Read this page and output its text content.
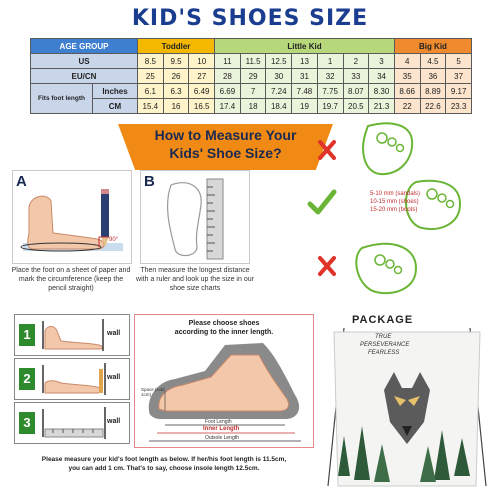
KID'S SHOES SIZE
AGE GROUP		Toddler			Little Kid							Big Kid		
US		8.5	9.5	10	11	11.5	12.5	13	1	2	3	4	4.5	5
EU/CN		25	26	27	28	29	30	31	32	33	34	35	36	37
Fits foot length	Inches	6.1	6.3	6.49	6.69	7	7.24	7.48	7.75	8.07	8.30	8.66	8.89	9.17
	CM	15.4	16	16.5	17.4	18	18.4	19	19.7	20.5	21.3	22	22.6	23.3
How to Measure Your
Kids' Shoe Size?
A
90°
Place the foot on a sheet of paper and mark the circumference (keep the pencil straight)
B
Then measure the longest distance with a ruler and look up the size in our shoe size charts
5-10 mm (sandals)
10-15 mm (shoes)
15-20 mm (boots)
1	wall
2	wall
3	wall
Please choose shoes
according to the inner length.
Space (Add 1cm)
Foot Length
Inner Length
Outsole Length
Please measure your kid's foot length as below. If her/his foot length is 11.5cm,
you can add 1 cm. That's to say, choose insole length 12.5cm.
PACKAGE
TRUE
PERSEVERANCE
FEARLESS
